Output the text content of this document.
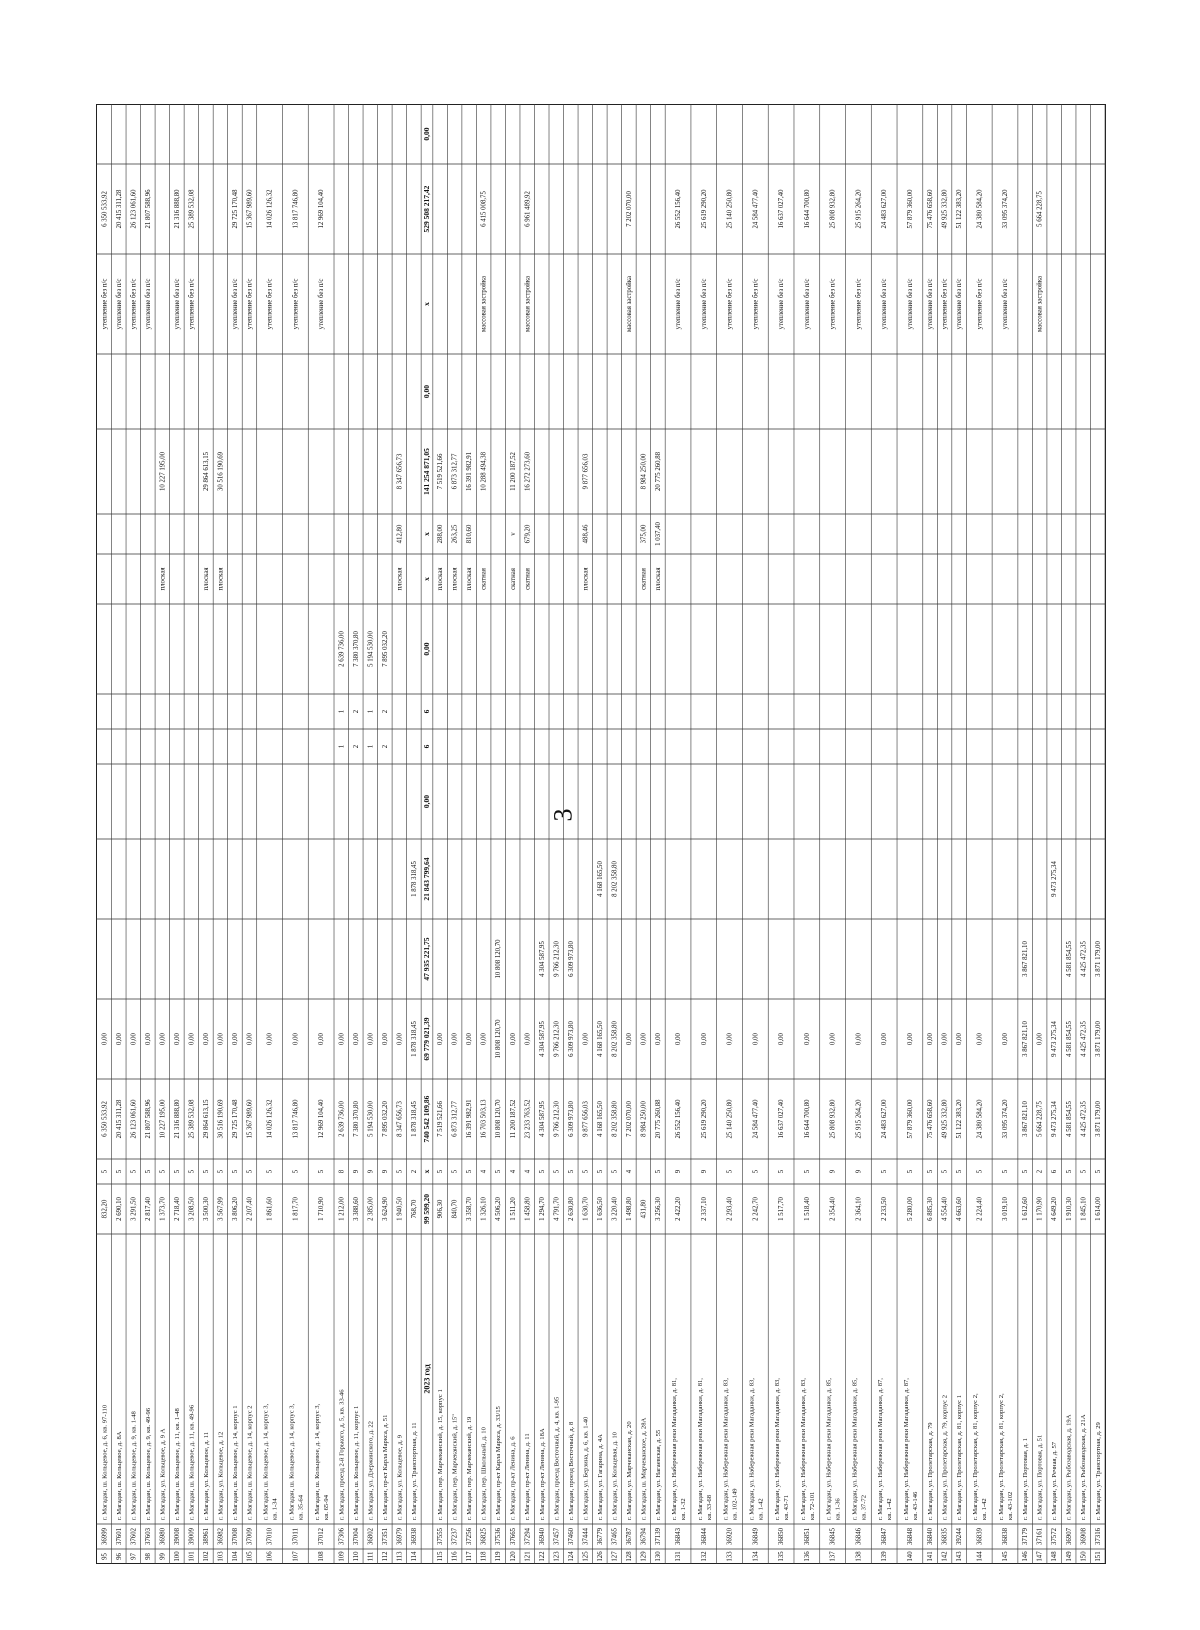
3
95
36999
г. Магадан, ш. Кольцевое, д. 6, кв. 97-110
832,20
5
6 350 533,92
0,00
утепление без п/с
6 350 533,92
96
37601
г. Магадан, ш. Кольцевое, д. 8А
2 690,10
5
20 415 311,28
0,00
утепление без п/с
20 415 311,28
97
37602
г. Магадан, ш. Кольцевое, д. 9, кв. 1-48
3 291,50
5
26 123 061,60
0,00
утепление без п/с
26 123 061,60
98
37603
г. Магадан, ш. Кольцевое, д. 9, кв. 49-96
2 817,40
5
21 807 588,96
0,00
утепление без п/с
21 807 588,96
99
36980
г. Магадан, ул. Кольцевое, д. 9 А
1 373,70
5
10 227 195,00
0,00
плоская
10 227 195,00
100
39008
г. Магадан, ш. Кольцевое, д. 11, кв. 1-48
2 718,40
5
21 316 888,80
0,00
утепление без п/с
21 316 888,80
101
39009
г. Магадан, ш. Кольцевое, д. 11, кв. 49-96
3 208,50
5
25 389 532,08
0,00
утепление без п/с
25 389 532,08
102
38961
г. Магадан, ул. Кольцевое, д. 11
3 500,30
5
29 864 613,15
0,00
плоская
29 864 613,15
103
36982
г. Магадан, ул. Кольцевое, д. 12
3 567,99
5
30 516 190,69
0,00
плоская
30 516 190,69
104
37008
г. Магадан, ш. Кольцевое, д. 14, корпус 1
3 806,20
5
29 725 170,48
0,00
утепление без п/с
29 725 170,48
105
37009
г. Магадан, ш. Кольцевое, д. 14, корпус 2
2 207,40
5
15 367 989,60
0,00
утепление без п/с
15 367 989,60
106
37010
г. Магадан, ш. Кольцевое, д. 14, корпус 3, кв. 1-34
1 861,60
5
14 026 126,32
0,00
утепление без п/с
14 026 126,32
107
37011
г. Магадан, ш. Кольцевое, д. 14, корпус 3, кв. 35-64
1 817,70
5
13 817 746,80
0,00
утепление без п/с
13 817 746,80
108
37012
г. Магадан, ш. Кольцевое, д. 14, корпус 3, кв. 65-94
1 710,90
5
12 969 104,40
0,00
утепление без п/с
12 969 104,40
109
37306
г. Магадан, проезд 2-й Горького, д. 5, кв. 33-46
1 212,00
8
2 639 736,00
0,00
1
1
2 639 736,00
110
37004
г. Магадан, ш. Кольцевое, д. 11, корпус 1
3 388,60
9
7 380 370,80
0,00
2
2
7 380 370,80
111
36802
г. Магадан, ул. Дзержинского, д. 22
2 385,00
9
5 194 530,00
0,00
1
1
5 194 530,00
112
37351
г. Магадан, пр-кт Карла Маркса, д. 51
3 624,90
9
7 895 032,20
0,00
2
2
7 895 032,20
113
36979
г. Магадан, ул. Кольцевое, д. 9
1 940,50
5
8 347 656,73
0,00
плоская
412,80
8 347 656,73
114
36938
г. Магадан, ул. Транспортная, д. 11
768,70
2
1 878 318,45
1 878 318,45
1 878 318,45
2023 год
99 599,20
x
740 542 109,86
69 779 021,39
47 935 221,75
21 843 799,64
0,00
6
6
0,00
x
x
141 254 871,05
0,00
x
529 508 217,42
0,00
115
37555
г. Магадан, пер. Марчеканский, д. 15, корпус 1
906,30
5
7 519 521,66
0,00
плоская
288,00
7 519 521,66
116
37237
г. Магадан, пер. Марчеканский, д. 15"
840,70
5
6 873 312,77
0,00
плоская
263,25
6 873 312,77
117
37256
г. Магадан, пер. Марчеканский, д. 19
3 358,70
5
16 391 982,91
0,00
плоская
810,60
16 391 982,91
118
36825
г. Магадан, пер. Школьный, д. 10
1 326,10
4
16 703 503,13
0,00
скатная
10 288 494,38
массовая застройка
6 415 008,75
119
37536
г. Магадан, пр-кт Карла Маркса, д. 33/15
4 506,20
5
10 808 120,70
10 808 120,70
10 808 120,70
120
37665
г. Магадан, пр-кт Ленина, д. 6
1 511,20
4
11 200 187,52
0,00
скатная
v
11 200 187,52
121
37294
г. Магадан, пр-кт Ленина, д. 11
1 458,80
4
23 233 763,52
0,00
скатная
679,20
16 272 273,60
массовая застройка
6 961 489,92
122
36940
г. Магадан, пр-кт Ленина, д. 18А
1 294,70
5
4 304 587,95
4 304 587,95
4 304 587,95
123
37457
г. Магадан, проезд Восточный, д. 4, кв. 1-95
4 791,70
5
9 766 212,30
9 766 212,30
9 766 212,30
124
37460
г. Магадан, проезд Восточный, д. 8
2 630,80
5
6 309 973,80
6 309 973,80
6 309 973,80
125
37444
г. Магадан, ул. Берзина, д. 6, кв. 1-40
1 630,70
5
9 877 656,03
0,00
плоская
488,46
9 877 656,03
126
36779
г. Магадан, ул. Гагарина, д. 4А
1 636,50
5
4 168 165,50
4 168 165,50
4 168 165,50
127
37465
г. Магадан, ул. Кольцевая, д. 10
3 220,40
5
8 202 358,80
8 202 358,80
8 202 358,80
128
36787
г. Магадан, ул. Марчеканская, д. 20
1 498,80
4
7 202 070,00
0,00
массовая застройка
7 202 070,00
129
36794
г. Магадан, ш. Марчеканское, д. 28А
431,80
8 984 250,00
0,00
скатная
375,00
8 984 250,00
130
37139
г. Магадан, ул. Нагаевская, д. 55
3 256,30
5
20 775 260,88
0,00
плоская
1 037,40
20 775 260,88
131
36843
г. Магадан, ул. Набережная реки Магаданки, д. 81, кв. 1-32
2 422,20
9
26 552 156,40
0,00
утепление без п/с
26 552 156,40
132
36844
г. Магадан, ул. Набережная реки Магаданки, д. 81, кв. 33-68
2 337,10
9
25 619 290,20
0,00
утепление без п/с
25 619 290,20
133
36920
г. Магадан, ул. Набережная реки Магаданки, д. 83, кв. 102-149
2 293,40
5
25 140 250,80
0,00
утепление без п/с
25 140 250,80
134
36849
г. Магадан, ул. Набережная реки Магаданки, д. 83, кв. 1-42
2 242,70
5
24 584 477,40
0,00
утепление без п/с
24 584 477,40
135
36850
г. Магадан, ул. Набережная реки Магаданки, д. 83, кв. 43-71
1 517,70
5
16 637 027,40
0,00
утепление без п/с
16 637 027,40
136
36851
г. Магадан, ул. Набережная реки Магаданки, д. 83, кв. 72-101
1 518,40
5
16 644 700,80
0,00
утепление без п/с
16 644 700,80
137
36845
г. Магадан, ул. Набережная реки Магаданки, д. 85, кв. 1-36
2 354,40
9
25 808 932,80
0,00
утепление без п/с
25 808 932,80
138
36846
г. Магадан, ул. Набережная реки Магаданки, д. 85, кв. 37-72
2 364,10
9
25 915 264,20
0,00
утепление без п/с
25 915 264,20
139
36847
г. Магадан, ул. Набережная реки Магаданки, д. 87, кв. 1-42
2 233,50
5
24 483 627,00
0,00
утепление без п/с
24 483 627,00
140
36848
г. Магадан, ул. Набережная реки Магаданки, д. 87, кв. 43-146
5 280,00
5
57 879 360,00
0,00
утепление без п/с
57 879 360,00
141
36840
г. Магадан, ул. Пролетарская, д. 79
6 885,30
5
75 476 658,60
0,00
утепление без п/с
75 476 658,60
142
36835
г. Магадан, ул. Пролетарская, д. 79, корпус 2
4 554,40
5
49 925 332,80
0,00
утепление без п/с
49 925 332,80
143
39244
г. Магадан, ул. Пролетарская, д. 81, корпус 1
4 663,60
5
51 122 383,20
0,00
утепление без п/с
51 122 383,20
144
36839
г. Магадан, ул. Пролетарская, д. 81, корпус 2, кв. 1-42
2 224,40
5
24 380 584,20
0,00
утепление без п/с
24 380 584,20
145
36838
г. Магадан, ул. Пролетарская, д. 81, корпус 2, кв. 43-102
3 019,10
5
33 095 374,20
0,00
утепление без п/с
33 095 374,20
146
37179
г. Магадан, ул. Портовая, д. 1
1 612,60
5
3 867 821,10
3 867 821,10
3 867 821,10
147
37161
г. Магадан, ул. Портовая, д. 51
1 170,90
2
5 664 228,75
0,00
массовая застройка
5 664 228,75
148
37572
г. Магадан, ул. Речная, д. 57
4 649,20
6
9 473 275,34
9 473 275,34
9 473 275,34
149
36907
г. Магадан, ул. Рыбозаводская, д. 19А
1 910,30
5
4 581 854,55
4 581 854,55
4 581 854,55
150
36908
г. Магадан, ул. Рыбозаводская, д. 21А
1 845,10
5
4 425 472,35
4 425 472,35
4 425 472,35
151
37316
г. Магадан, ул. Транспортная, д. 29
1 614,00
5
3 871 179,00
3 871 179,00
3 871 179,00
